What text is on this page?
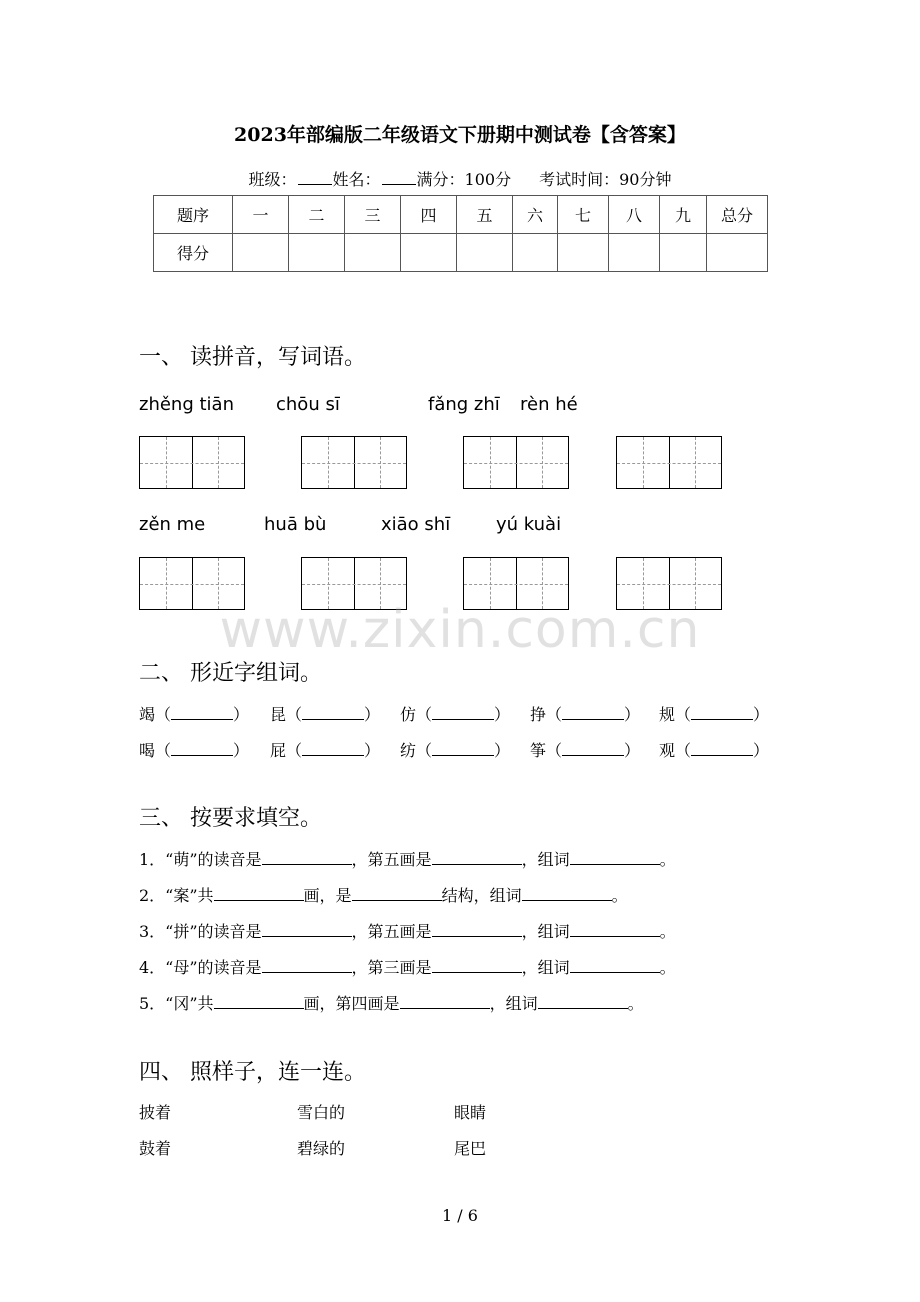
2023年部编版二年级语文下册期中测试卷【含答案】
班级： 姓名： 满分：100分 考试时间：90分钟
题序	一	二	三	四	五	六	七	八	九	总分
得分										
一、 读拼音，写词语。
zhěng tiān chōu sī	fǎng zhī rèn hé
zěn me	huā bù	xiāo shī	yú kuài
www.zixin.com.cn
二、 形近字组词。
竭（	） 昆（	） 仿（	） 挣（	） 规（	）
喝（	） 屁（	） 纺（	） 筝（	） 观（	）
三、 按要求填空。
1．“萌”的读音是	，第五画是	，组词	。
2．“案”共	画，是	结构，组词	。
3．“拼”的读音是	，第五画是	，组词	。
4．“母”的读音是	，第三画是	，组词	。
5．“冈”共	画，第四画是	，组词	。
四、 照样子，连一连。
披着	雪白的	眼睛
鼓着	碧绿的	尾巴
1 / 6
